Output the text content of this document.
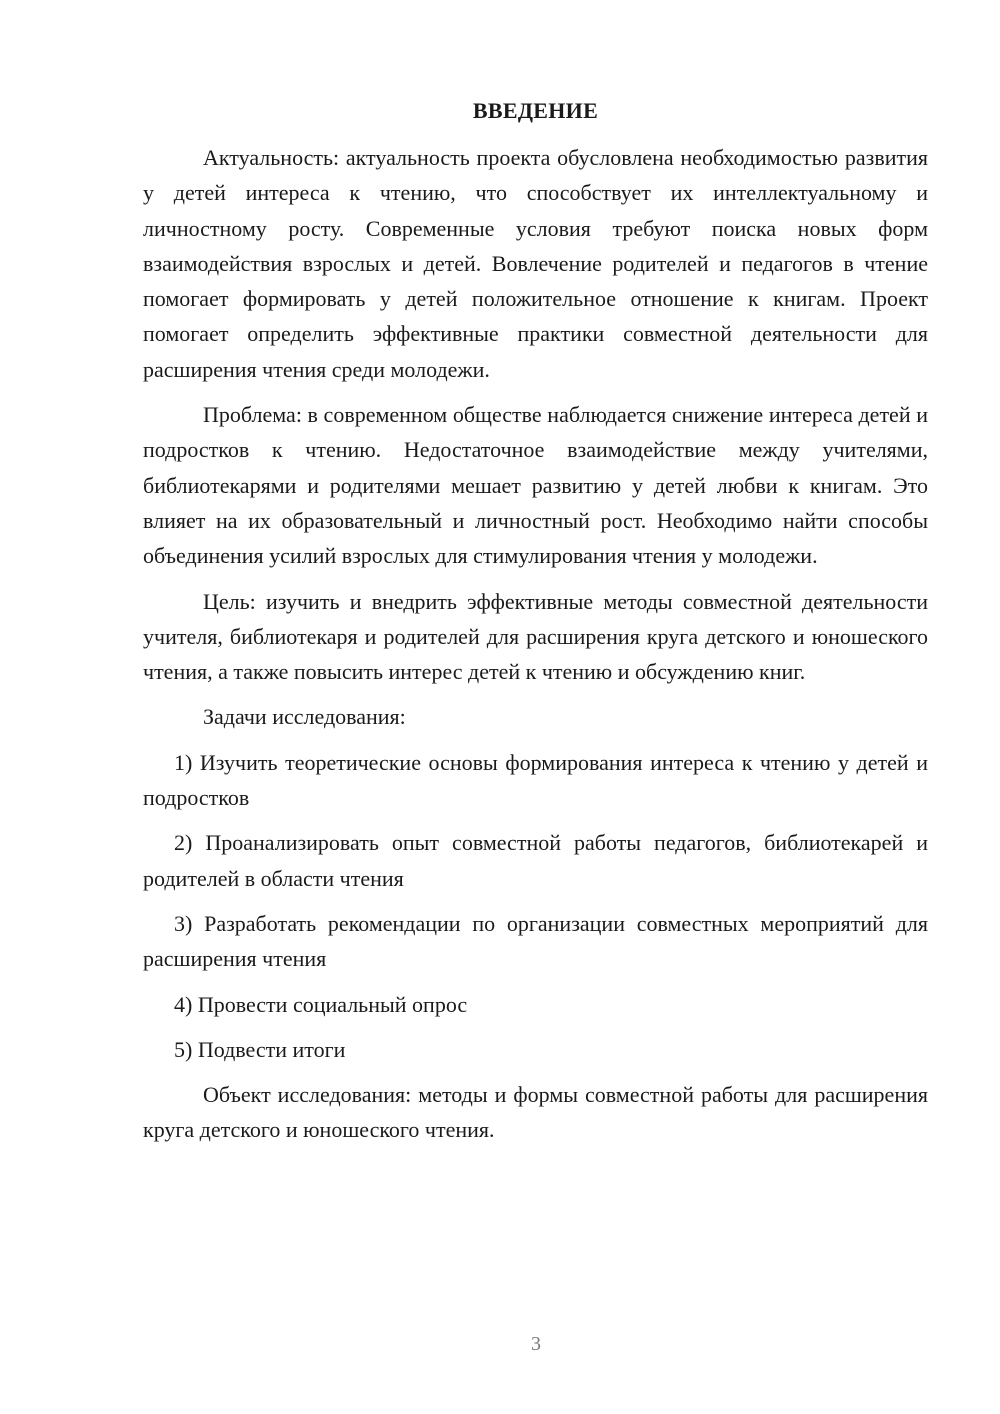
ВВЕДЕНИЕ

Актуальность: актуальность проекта обусловлена необходимостью развития у детей интереса к чтению, что способствует их интеллектуальному и личностному росту. Современные условия требуют поиска новых форм взаимодействия взрослых и детей. Вовлечение родителей и педагогов в чтение помогает формировать у детей положительное отношение к книгам. Проект помогает определить эффективные практики совместной деятельности для расширения чтения среди молодежи.

Проблема: в современном обществе наблюдается снижение интереса детей и подростков к чтению. Недостаточное взаимодействие между учителями, библиотекарями и родителями мешает развитию у детей любви к книгам. Это влияет на их образовательный и личностный рост. Необходимо найти способы объединения усилий взрослых для стимулирования чтения у молодежи.

Цель: изучить и внедрить эффективные методы совместной деятельности учителя, библиотекаря и родителей для расширения круга детского и юношеского чтения, а также повысить интерес детей к чтению и обсуждению книг.

Задачи исследования:

1) Изучить теоретические основы формирования интереса к чтению у детей и подростков

2) Проанализировать опыт совместной работы педагогов, библиотекарей и родителей в области чтения

3) Разработать рекомендации по организации совместных мероприятий для расширения чтения

4) Провести социальный опрос

5) Подвести итоги

Объект исследования: методы и формы совместной работы для расширения круга детского и юношеского чтения.

3
